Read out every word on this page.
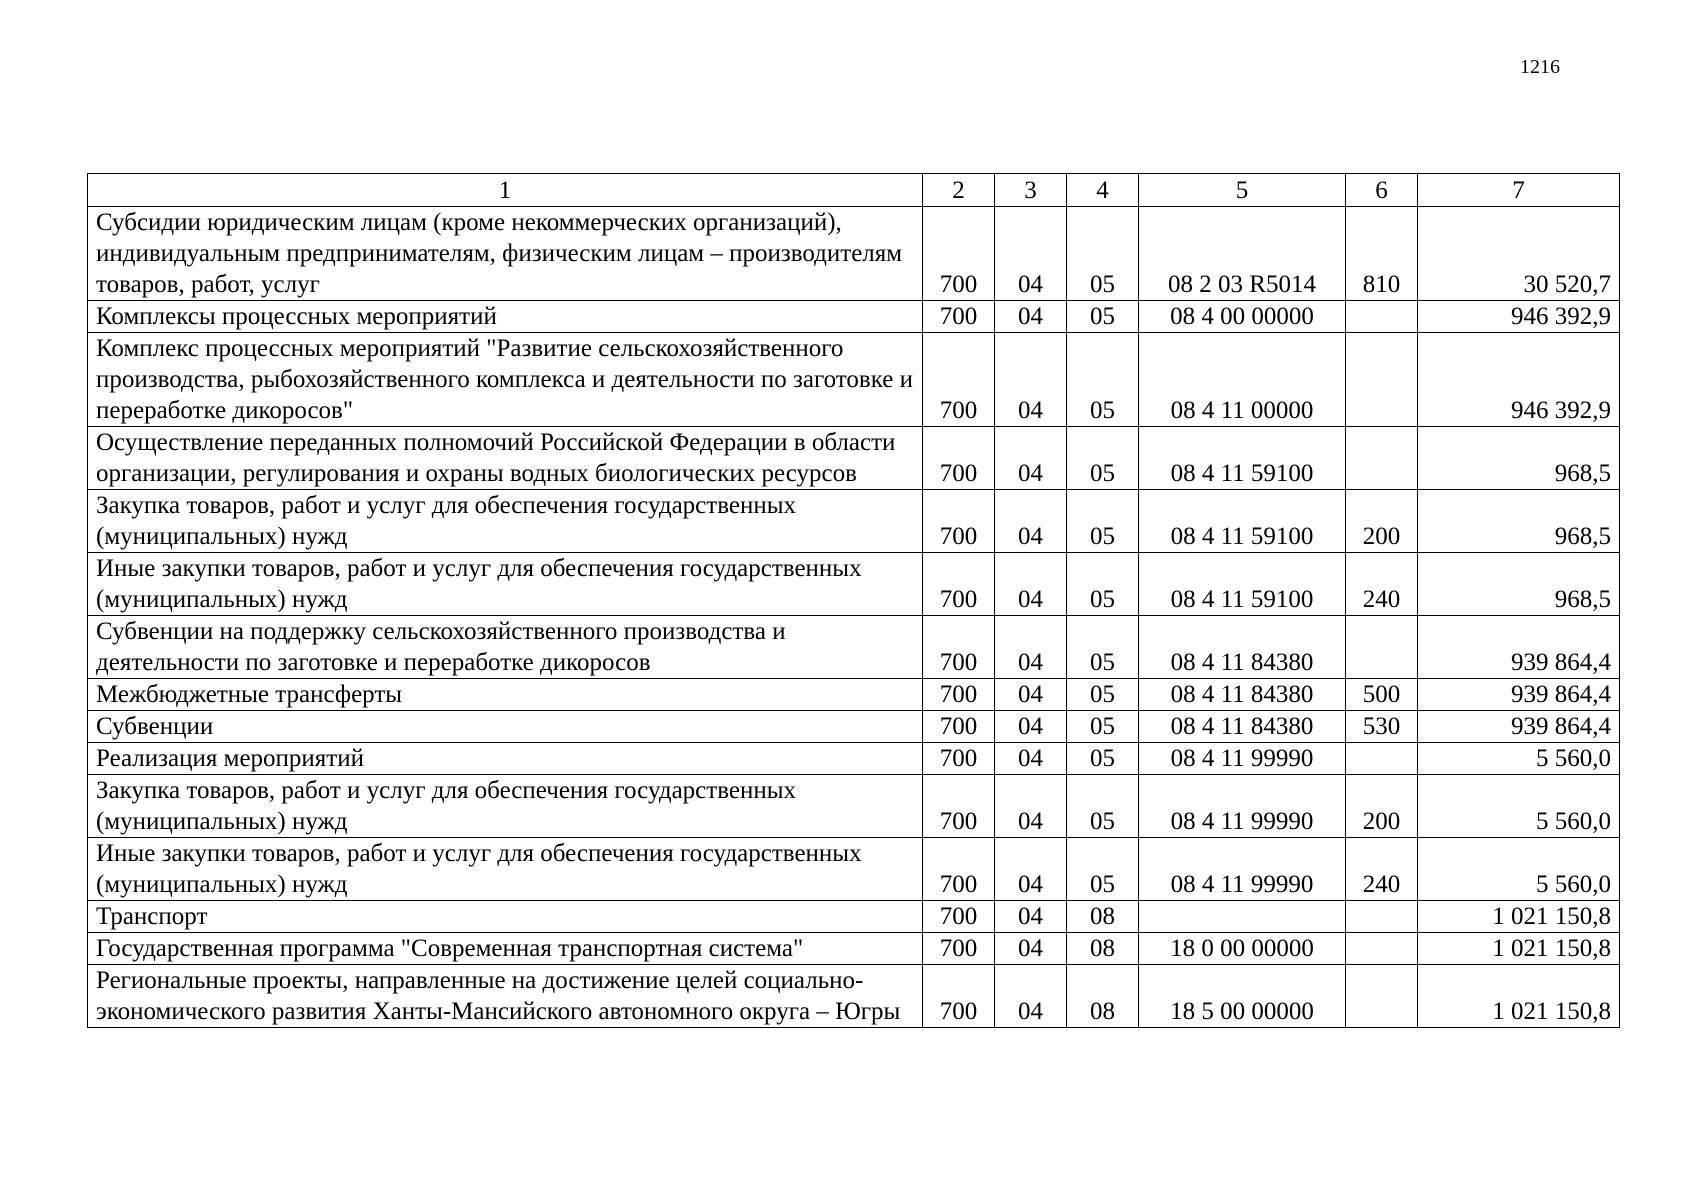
1216
1	2	3	4	5	6	7
Субсидии юридическим лицам (кроме некоммерческих организаций), индивидуальным предпринимателям, физическим лицам – производителям товаров, работ, услуг	700	04	05	08 2 03 R5014	810	30 520,7
Комплексы процессных мероприятий	700	04	05	08 4 00 00000		946 392,9
Комплекс процессных мероприятий "Развитие сельскохозяйственного производства, рыбохозяйственного комплекса и деятельности по заготовке и переработке дикоросов"	700	04	05	08 4 11 00000		946 392,9
Осуществление переданных полномочий Российской Федерации в области организации, регулирования и охраны водных биологических ресурсов	700	04	05	08 4 11 59100		968,5
Закупка товаров, работ и услуг для обеспечения государственных (муниципальных) нужд	700	04	05	08 4 11 59100	200	968,5
Иные закупки товаров, работ и услуг для обеспечения государственных (муниципальных) нужд	700	04	05	08 4 11 59100	240	968,5
Субвенции на поддержку сельскохозяйственного производства и деятельности по заготовке и переработке дикоросов	700	04	05	08 4 11 84380		939 864,4
Межбюджетные трансферты	700	04	05	08 4 11 84380	500	939 864,4
Субвенции	700	04	05	08 4 11 84380	530	939 864,4
Реализация мероприятий	700	04	05	08 4 11 99990		5 560,0
Закупка товаров, работ и услуг для обеспечения государственных (муниципальных) нужд	700	04	05	08 4 11 99990	200	5 560,0
Иные закупки товаров, работ и услуг для обеспечения государственных (муниципальных) нужд	700	04	05	08 4 11 99990	240	5 560,0
Транспорт	700	04	08			1 021 150,8
Государственная программа "Современная транспортная система"	700	04	08	18 0 00 00000		1 021 150,8
Региональные проекты, направленные на достижение целей социально-экономического развития Ханты-Мансийского автономного округа – Югры	700	04	08	18 5 00 00000		1 021 150,8
